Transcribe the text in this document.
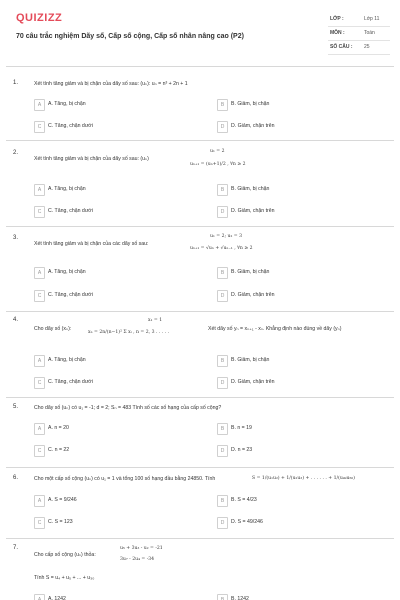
QUIZIZZ
70 câu trắc nghiệm Dãy số, Cấp số cộng, Cấp số nhân nâng cao (P2)
LỚP :	Lớp 11
MÔN :	Toán
SỐ CÂU : 25
1.	Xét tính tăng giảm và bị chặn của dãy số sau: (uₙ): uₙ = n³ + 2n + 1
A	A. Tăng, bị chặn	B	B. Giảm, bị chặn
C	C. Tăng, chặn dưới	D	D. Giảm, chặn trên
2.
Xét tính tăng giảm và bị chặn của dãy số sau: (uₙ)
u₁ = 2
uₙ₊₁ = (uₙ+1)/2 , ∀n ≥ 2
A	A. Tăng, bị chặn	B	B. Giảm, bị chặn
C	C. Tăng, chặn dưới	D	D. Giảm, chặn trên
3.
Xét tính tăng giảm và bị chặn của các dãy số sau:
u₁ = 2; u₂ = 3
uₙ₊₁ = √uₙ + √uₙ₋₁ , ∀n ≥ 2
A	A. Tăng, bị chặn	B	B. Giảm, bị chặn
C	C. Tăng, chặn dưới	D	D. Giảm, chặn trên
4.
Cho dãy số (xₙ):
x₁ = 1
xₙ = 2n/(n−1)² Σ xᵢ , n = 2, 3 . . . . .
Xét dãy số yₙ = xₙ₊₁ - xₙ. Khẳng định nào đúng về dãy (yₙ)
A	A. Tăng, bị chặn	B	B. Giảm, bị chặn
C	C. Tăng, chặn dưới	D	D. Giảm, chặn trên
5.	Cho dãy số (uₙ) có u₁ = -1; d = 2; Sₙ = 483 Tính số các số hạng của cấp số cộng?
A	A. n = 20	B	B. n = 19
C	C. n = 22	D	D. n = 23
6.	Cho một cấp số cộng (uₙ) có u₁ = 1 và tổng 100 số hạng đầu bằng 24850. Tính	S = 1/(u₁u₂) + 1/(u₂u₃) + . . . . . . + 1/(u₄₉u₅₀)
A	A. S = 9/246	B	B. S = 4/23
C	C. S = 123	D	D. S = 49/246
7.
Cho cấp số cộng (uₙ) thỏa:
u₅ + 3u₃ - u₂ = -21
3u₇ - 2u₄ = -34
Tính S = u₄ + u₅ + ... + u₃₀
A	A. 1242	B	B. 1242
